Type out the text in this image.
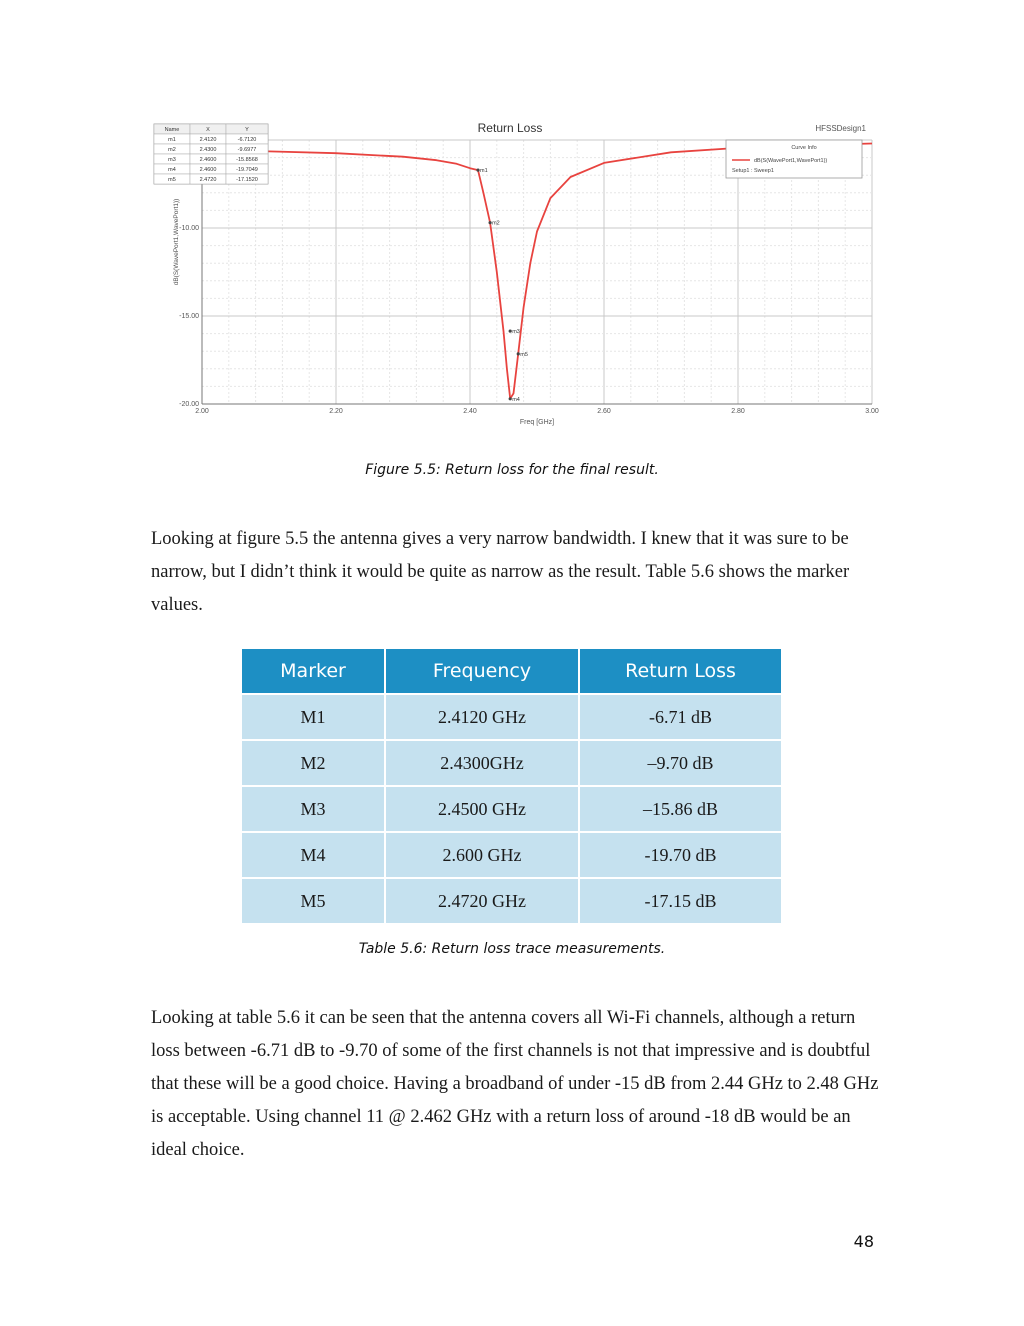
2.00	2.20	2.40	2.60	2.80	3.00
-10.00
-15.00
-20.00
Freq [GHz]
dB(S(WavePort1,WavePort1))
Return Loss	HFSSDesign1
m1
m2
m3
m4
m5
Name	X	Y
m1	2.4120	-6.7120
m2	2.4300	-9.6977
m3	2.4600	-15.8568
m4	2.4600	-19.7049
m5	2.4720	-17.1520
Curve Info
dB(S(WavePort1,WavePort1))
Setup1 : Sweep1
Figure 5.5: Return loss for the final result.

Looking at figure 5.5 the antenna gives a very narrow bandwidth. I knew that it was sure to be narrow, but I didn’t think it would be quite as narrow as the result. Table 5.6 shows the marker values.

Marker	Frequency	Return Loss
M1	2.4120 GHz	-6.71 dB
M2	2.4300GHz	–9.70 dB
M3	2.4500 GHz	–15.86 dB
M4	2.600 GHz	-19.70 dB
M5	2.4720 GHz	-17.15 dB
Table 5.6: Return loss trace measurements.

Looking at table 5.6 it can be seen that the antenna covers all Wi-Fi channels, although a return loss between -6.71 dB to -9.70 of some of the first channels is not that impressive and is doubtful that these will be a good choice. Having a broadband of under -15 dB from 2.44 GHz to 2.48 GHz is acceptable. Using channel 11 @ 2.462 GHz with a return loss of around -18 dB would be an ideal choice.

48
